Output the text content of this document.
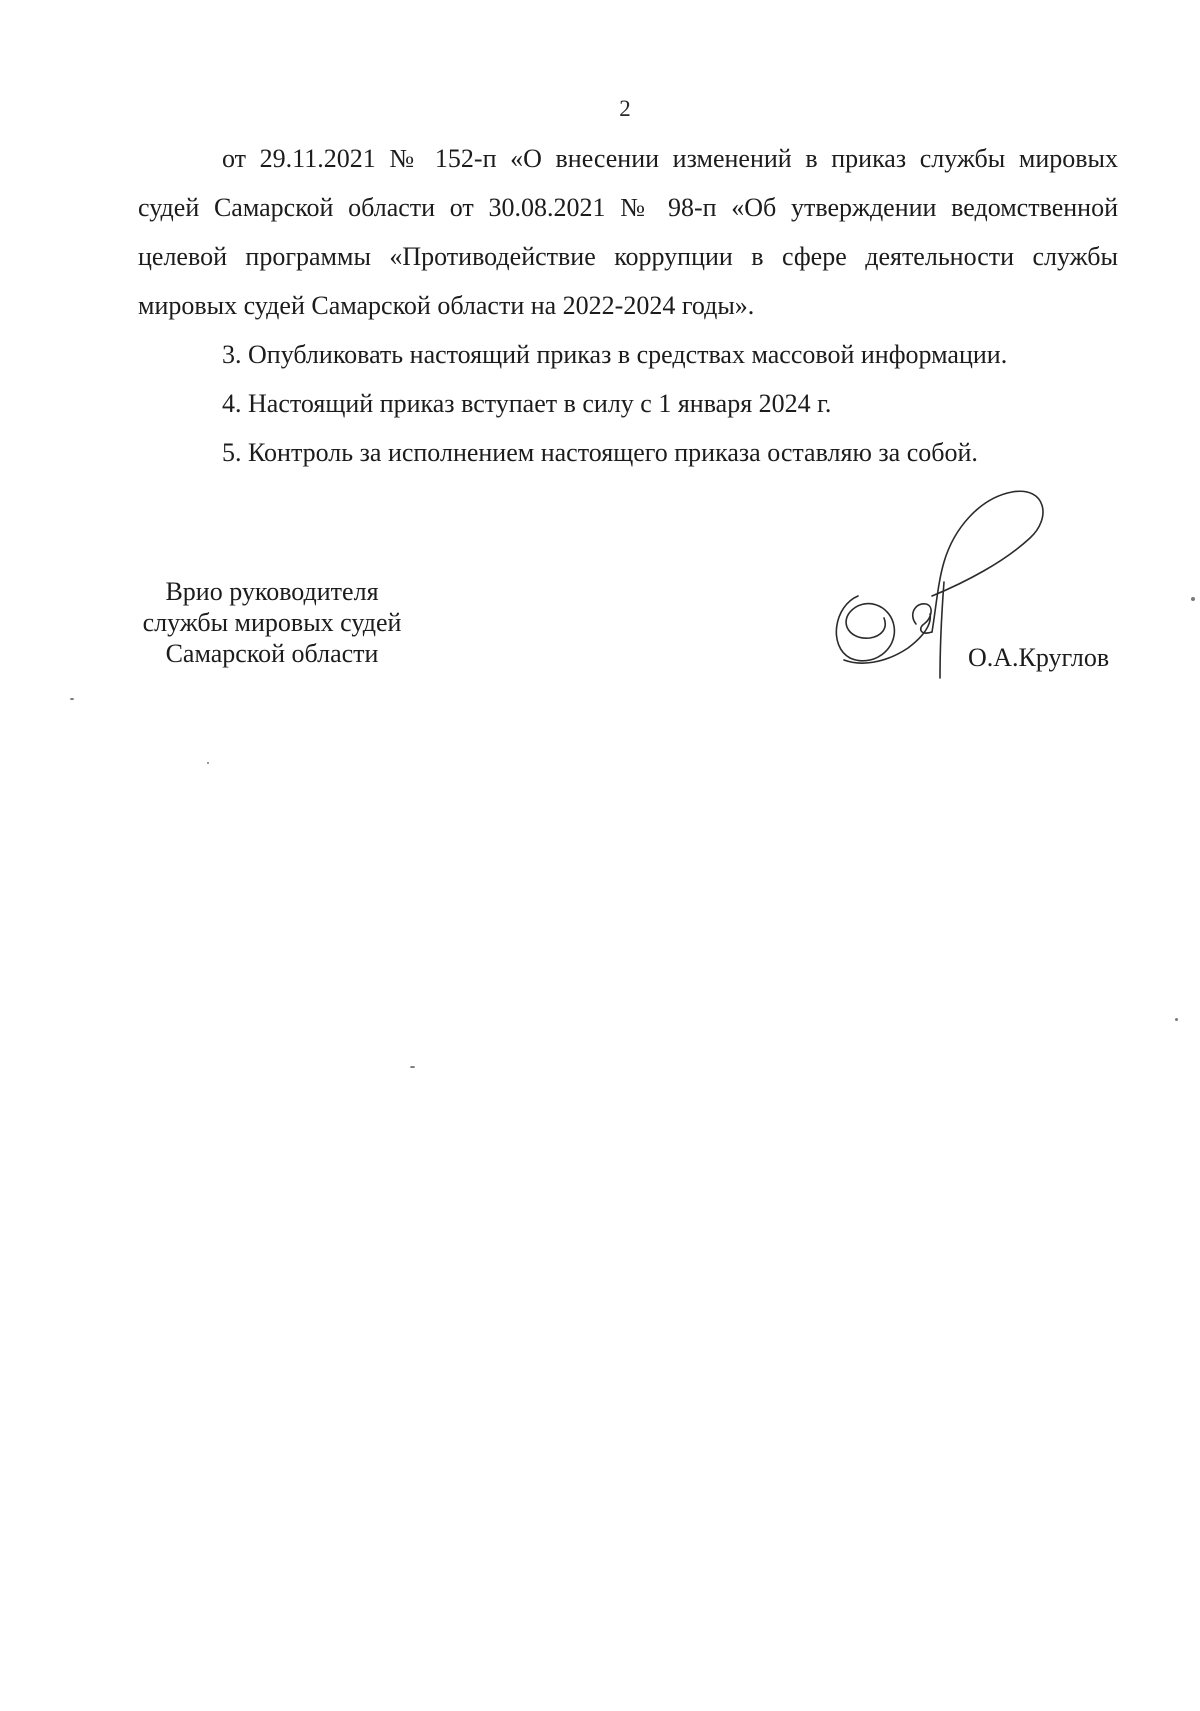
2
от 29.11.2021 № 152-п «О внесении изменений в приказ службы мировых
судей Самарской области от 30.08.2021 № 98-п «Об утверждении ведомственной
целевой программы «Противодействие коррупции в сфере деятельности службы
мировых судей Самарской области на 2022-2024 годы».
3. Опубликовать настоящий приказ в средствах массовой информации.
4. Настоящий приказ вступает в силу с 1 января 2024 г.
5. Контроль за исполнением настоящего приказа оставляю за собой.
Врио руководителя
службы мировых судей
Самарской области	О.А.Круглов
